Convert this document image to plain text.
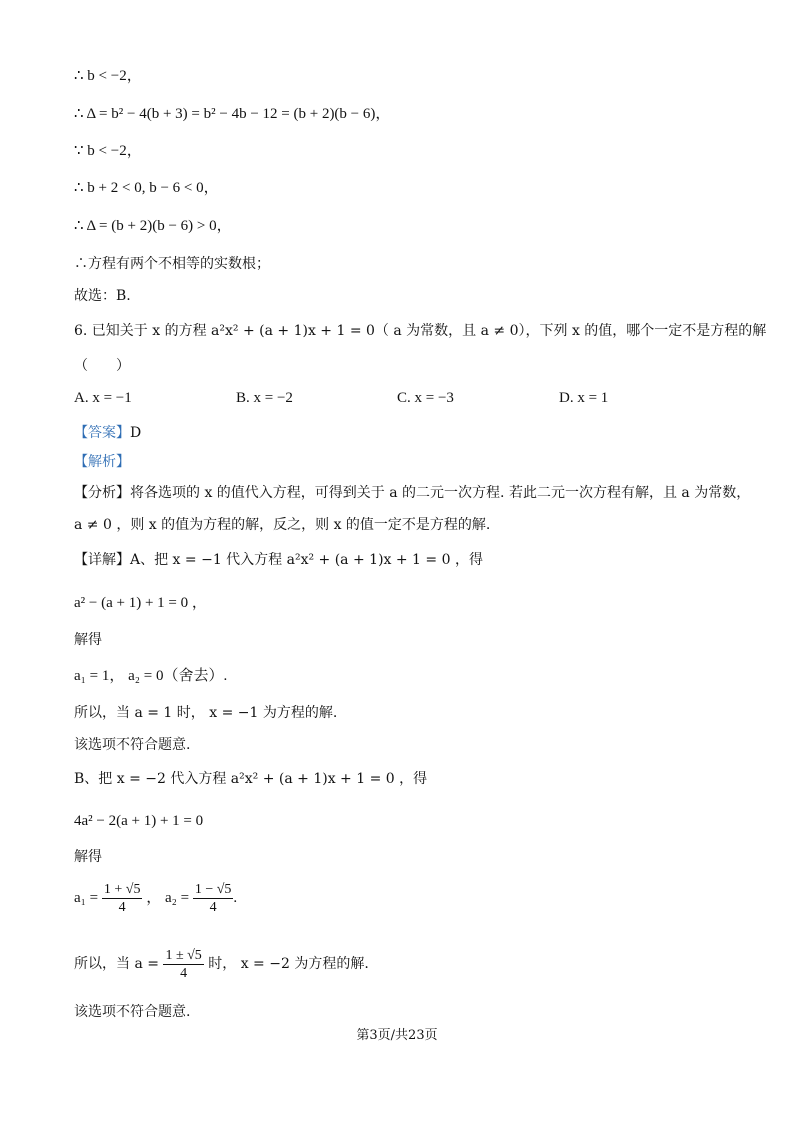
∴ b < −2，
∴ Δ = b² − 4(b + 3) = b² − 4b − 12 = (b + 2)(b − 6)，
∵ b < −2，
∴ b + 2 < 0, b − 6 < 0，
∴ Δ = (b + 2)(b − 6) > 0，
∴方程有两个不相等的实数根；
故选：B.
6. 已知关于 x 的方程 a²x² + (a + 1)x + 1 = 0（ a 为常数，且 a ≠ 0），下列 x 的值，哪个一定不是方程的解
（　　）
A. x = −1	B. x = −2	C. x = −3	D. x = 1
【答案】D
【解析】
【分析】将各选项的 x 的值代入方程，可得到关于 a 的二元一次方程. 若此二元一次方程有解，且 a 为常数，
a ≠ 0 ，则 x 的值为方程的解，反之，则 x 的值一定不是方程的解.
【详解】A、把 x = −1 代入方程 a²x² + (a + 1)x + 1 = 0 ，得
a² − (a + 1) + 1 = 0 ，
解得
a₁ = 1， a₂ = 0（舍去）.
所以，当 a = 1 时， x = −1 为方程的解.
该选项不符合题意.
B、把 x = −2 代入方程 a²x² + (a + 1)x + 1 = 0 ，得
4a² − 2(a + 1) + 1 = 0
解得
$a_1 = \frac{1 + √5}{4}$ ， $a_2 = \frac{1 - √5}{4}$ .
所以，当 $a = \frac{1 \pm √5}{4}$ 时， x = −2 为方程的解.
该选项不符合题意.
第3页/共23页
